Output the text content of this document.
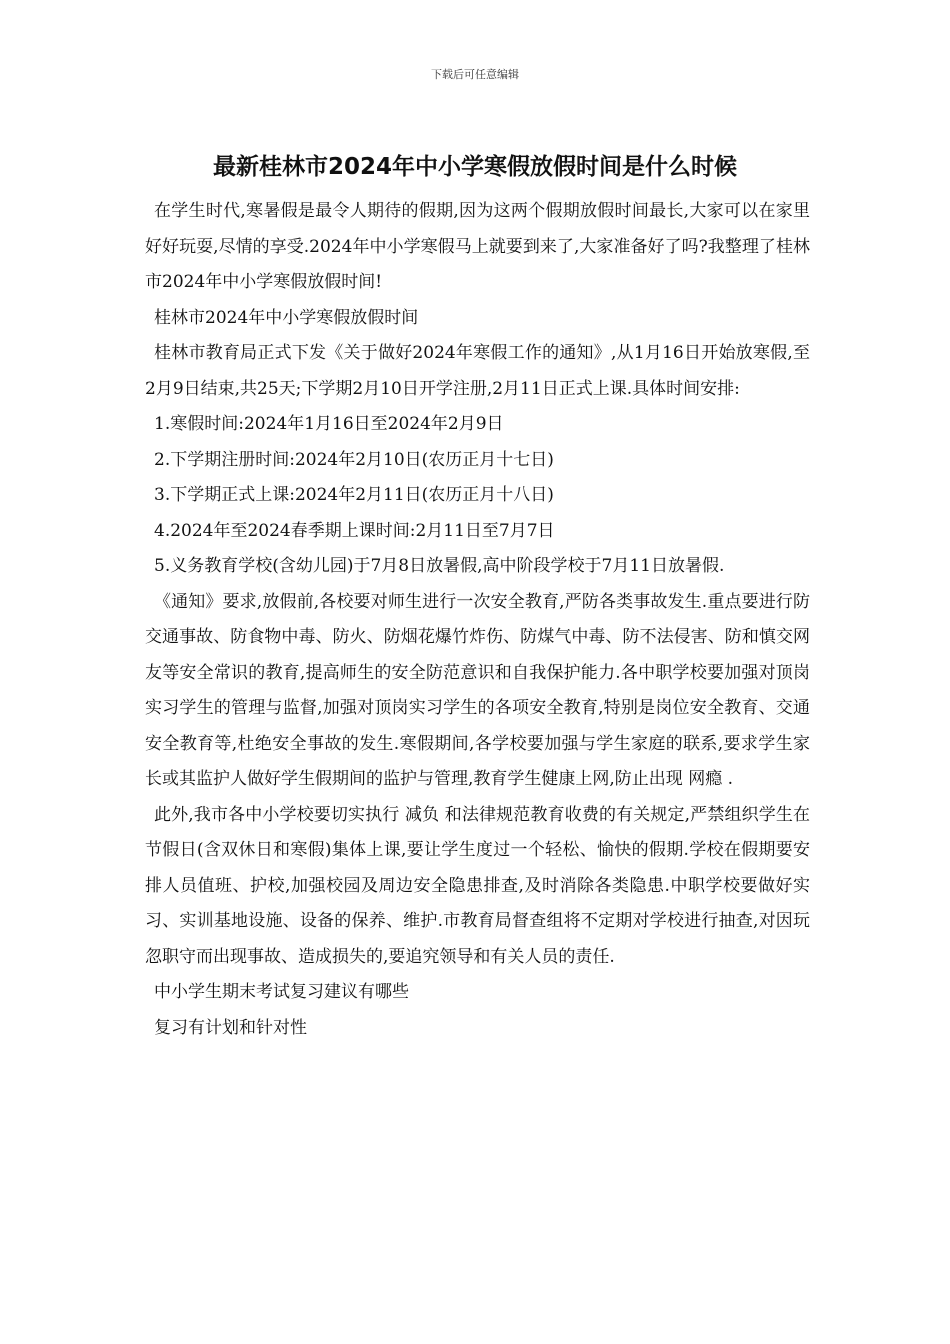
下载后可任意编辑
最新桂林市2024年中小学寒假放假时间是什么时候

在学生时代,寒暑假是最令人期待的假期,因为这两个假期放假时间最长,大家可以在家里好好玩耍,尽情的享受.2024年中小学寒假马上就要到来了,大家准备好了吗?我整理了桂林市2024年中小学寒假放假时间!

桂林市2024年中小学寒假放假时间

桂林市教育局正式下发《关于做好2024年寒假工作的通知》,从1月16日开始放寒假,至2月9日结束,共25天;下学期2月10日开学注册,2月11日正式上课.具体时间安排:

1.寒假时间:2024年1月16日至2024年2月9日

2.下学期注册时间:2024年2月10日(农历正月十七日)

3.下学期正式上课:2024年2月11日(农历正月十八日)

4.2024年至2024春季期上课时间:2月11日至7月7日

5.义务教育学校(含幼儿园)于7月8日放暑假,高中阶段学校于7月11日放暑假.

《通知》要求,放假前,各校要对师生进行一次安全教育,严防各类事故发生.重点要进行防交通事故、防食物中毒、防火、防烟花爆竹炸伤、防煤气中毒、防不法侵害、防和慎交网友等安全常识的教育,提高师生的安全防范意识和自我保护能力.各中职学校要加强对顶岗实习学生的管理与监督,加强对顶岗实习学生的各项安全教育,特别是岗位安全教育、交通安全教育等,杜绝安全事故的发生.寒假期间,各学校要加强与学生家庭的联系,要求学生家长或其监护人做好学生假期间的监护与管理,教育学生健康上网,防止出现 网瘾 .

此外,我市各中小学校要切实执行 减负 和法律规范教育收费的有关规定,严禁组织学生在节假日(含双休日和寒假)集体上课,要让学生度过一个轻松、愉快的假期.学校在假期要安排人员值班、护校,加强校园及周边安全隐患排查,及时消除各类隐患.中职学校要做好实习、实训基地设施、设备的保养、维护.市教育局督查组将不定期对学校进行抽查,对因玩忽职守而出现事故、造成损失的,要追究领导和有关人员的责任.

中小学生期末考试复习建议有哪些

复习有计划和针对性
